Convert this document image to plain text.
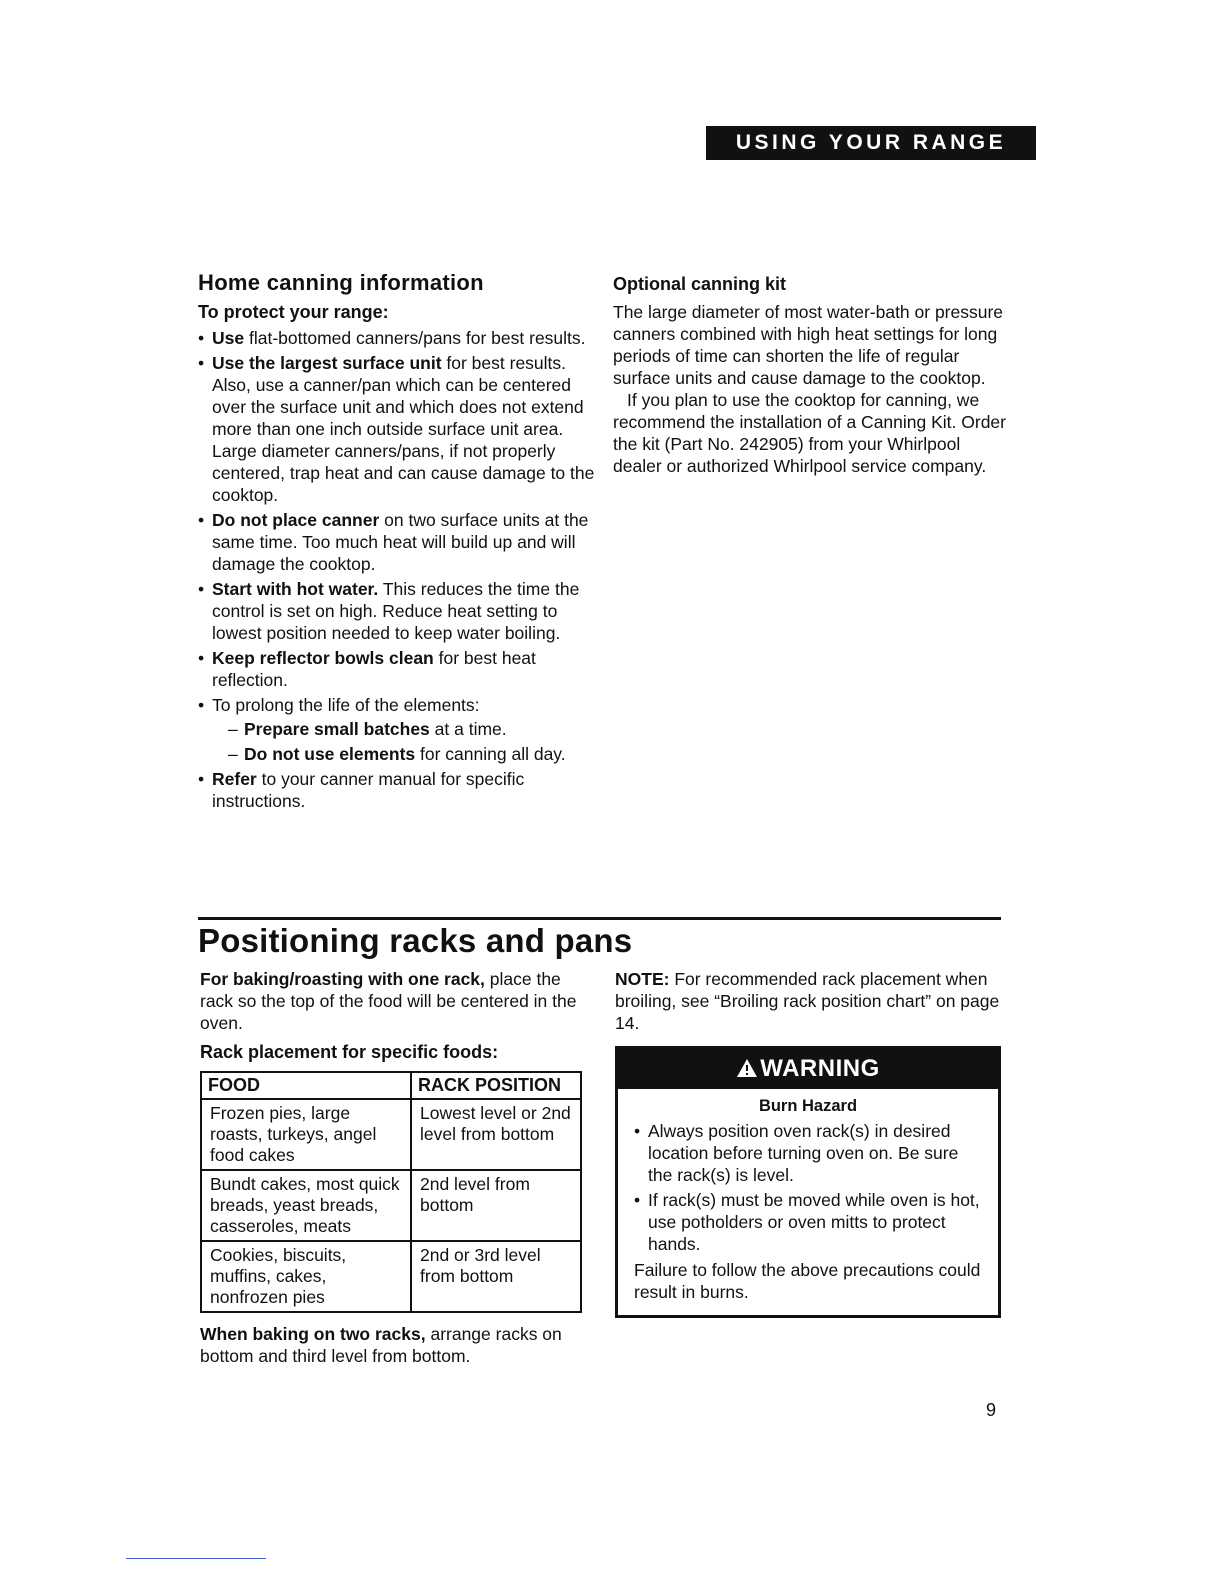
USING YOUR RANGE
Home canning information
To protect your range:
• Use flat-bottomed canners/pans for best results.
• Use the largest surface unit for best results. Also, use a canner/pan which can be centered over the surface unit and which does not extend more than one inch outside surface unit area. Large diameter canners/pans, if not properly centered, trap heat and can cause damage to the cooktop.
• Do not place canner on two surface units at the same time. Too much heat will build up and will damage the cooktop.
• Start with hot water. This reduces the time the control is set on high. Reduce heat setting to lowest position needed to keep water boiling.
• Keep reflector bowls clean for best heat reflection.
• To prolong the life of the elements:
– Prepare small batches at a time.
– Do not use elements for canning all day.
• Refer to your canner manual for specific instructions.
Optional canning kit

The large diameter of most water-bath or pressure canners combined with high heat settings for long periods of time can shorten the life of regular surface units and cause damage to the cooktop.

If you plan to use the cooktop for canning, we recommend the installation of a Canning Kit. Order the kit (Part No. 242905) from your Whirlpool dealer or authorized Whirlpool service company.

Positioning racks and pans

For baking/roasting with one rack, place the rack so the top of the food will be centered in the oven.

Rack placement for specific foods:
FOOD	RACK POSITION
Frozen pies, large roasts, turkeys, angel food cakes	Lowest level or 2nd level from bottom
Bundt cakes, most quick breads, yeast breads, casseroles, meats	2nd level from bottom
Cookies, biscuits, muffins, cakes, nonfrozen pies	2nd or 3rd level from bottom

When baking on two racks, arrange racks on bottom and third level from bottom.

NOTE: For recommended rack placement when broiling, see “Broiling rack position chart” on page 14.

WARNING
Burn Hazard
• Always position oven rack(s) in desired location before turning oven on. Be sure the rack(s) is level.
• If rack(s) must be moved while oven is hot, use potholders or oven mitts to protect hands.

Failure to follow the above precautions could result in burns.

9
